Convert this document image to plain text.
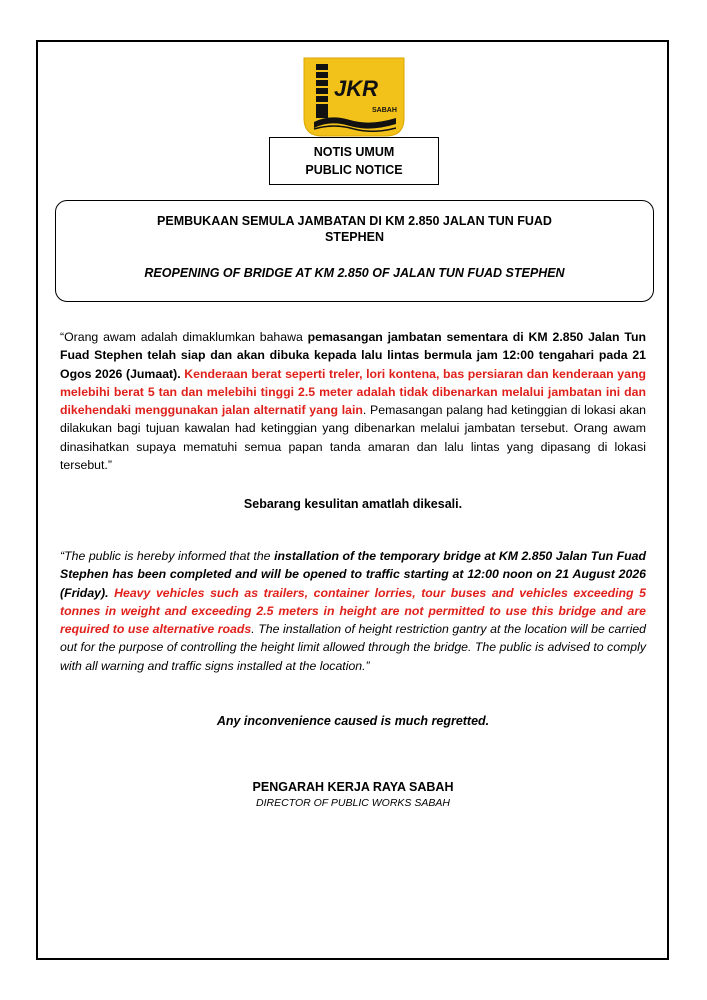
JKR
SABAH
NOTIS UMUM
PUBLIC NOTICE
PEMBUKAAN SEMULA JAMBATAN DI KM 2.850 JALAN TUN FUAD STEPHEN
REOPENING OF BRIDGE AT KM 2.850 OF JALAN TUN FUAD STEPHEN
“Orang awam adalah dimaklumkan bahawa pemasangan jambatan sementara di KM 2.850 Jalan Tun Fuad Stephen telah siap dan akan dibuka kepada lalu lintas bermula jam 12:00 tengahari pada 21 Ogos 2026 (Jumaat). Kenderaan berat seperti treler, lori kontena, bas persiaran dan kenderaan yang melebihi berat 5 tan dan melebihi tinggi 2.5 meter adalah tidak dibenarkan melalui jambatan ini dan dikehendaki menggunakan jalan alternatif yang lain. Pemasangan palang had ketinggian di lokasi akan dilakukan bagi tujuan kawalan had ketinggian yang dibenarkan melalui jambatan tersebut. Orang awam dinasihatkan supaya mematuhi semua papan tanda amaran dan lalu lintas yang dipasang di lokasi tersebut.”
Sebarang kesulitan amatlah dikesali.
“The public is hereby informed that the installation of the temporary bridge at KM 2.850 Jalan Tun Fuad Stephen has been completed and will be opened to traffic starting at 12:00 noon on 21 August 2026 (Friday). Heavy vehicles such as trailers, container lorries, tour buses and vehicles exceeding 5 tonnes in weight and exceeding 2.5 meters in height are not permitted to use this bridge and are required to use alternative roads. The installation of height restriction gantry at the location will be carried out for the purpose of controlling the height limit allowed through the bridge. The public is advised to comply with all warning and traffic signs installed at the location.”
Any inconvenience caused is much regretted.
PENGARAH KERJA RAYA SABAH
DIRECTOR OF PUBLIC WORKS SABAH
